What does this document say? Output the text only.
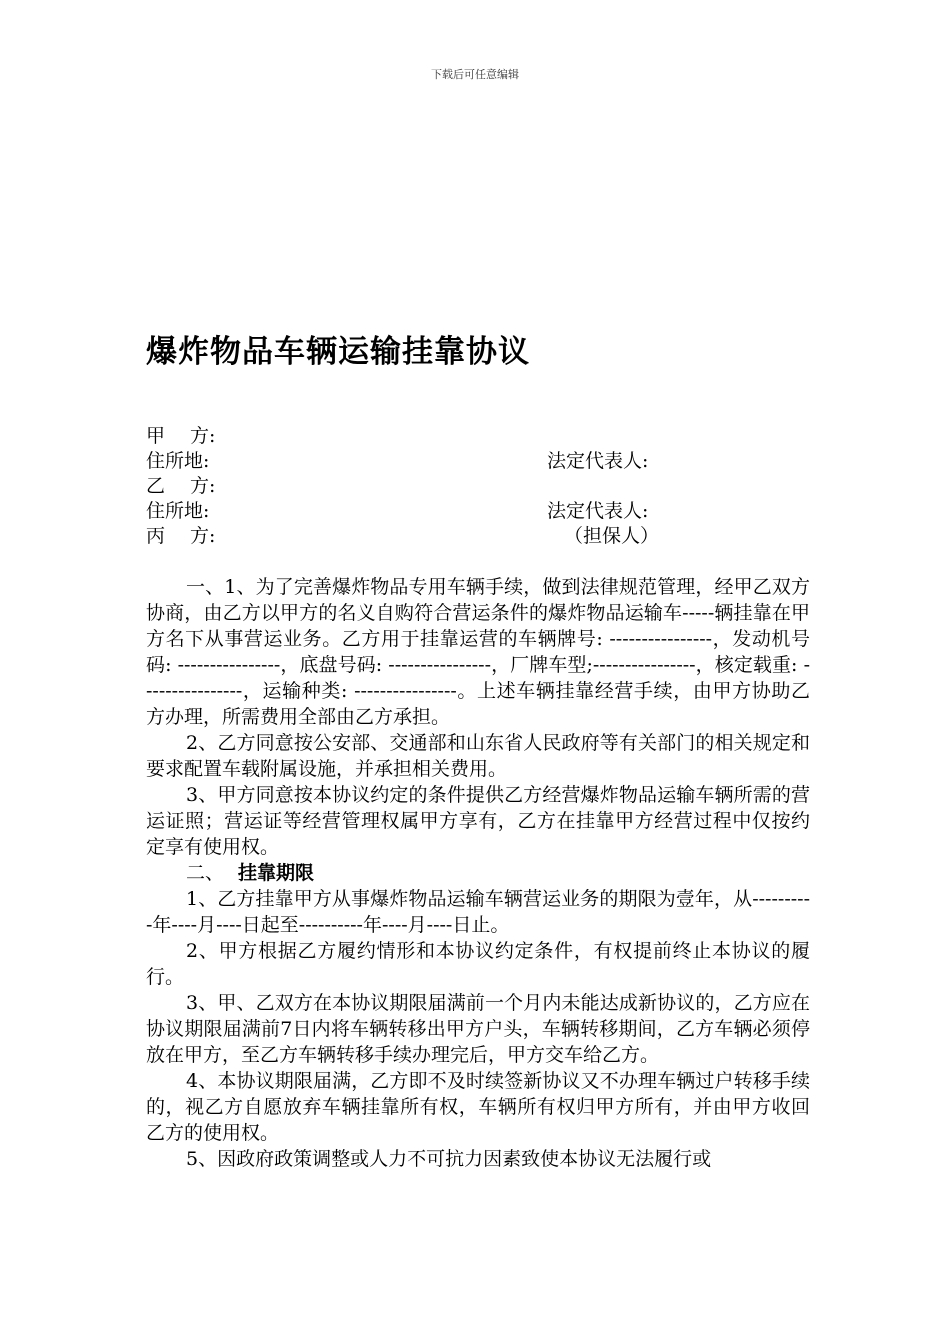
下载后可任意编辑
爆炸物品车辆运输挂靠协议
甲　 方:
住所地:	法定代表人:
乙　 方:
住所地:	法定代表人:
丙　 方:	（担保人）

一、1、为了完善爆炸物品专用车辆手续，做到法律规范管理，经甲乙双方协商，由乙方以甲方的名义自购符合营运条件的爆炸物品运输车-----辆挂靠在甲方名下从事营运业务。乙方用于挂靠运营的车辆牌号: ----------------，发动机号码: ----------------，底盘号码: ----------------，厂牌车型;----------------，核定载重: ----------------，运输种类: ----------------。上述车辆挂靠经营手续，由甲方协助乙方办理，所需费用全部由乙方承担。

2、乙方同意按公安部、交通部和山东省人民政府等有关部门的相关规定和要求配置车载附属设施，并承担相关费用。

3、甲方同意按本协议约定的条件提供乙方经营爆炸物品运输车辆所需的营运证照；营运证等经营管理权属甲方享有，乙方在挂靠甲方经营过程中仅按约定享有使用权。

二、 挂靠期限

1、乙方挂靠甲方从事爆炸物品运输车辆营运业务的期限为壹年，从----------年----月----日起至----------年----月----日止。

2、甲方根据乙方履约情形和本协议约定条件，有权提前终止本协议的履行。

3、甲、乙双方在本协议期限届满前一个月内未能达成新协议的，乙方应在协议期限届满前7日内将车辆转移出甲方户头，车辆转移期间，乙方车辆必须停放在甲方，至乙方车辆转移手续办理完后，甲方交车给乙方。

4、本协议期限届满，乙方即不及时续签新协议又不办理车辆过户转移手续的，视乙方自愿放弃车辆挂靠所有权，车辆所有权归甲方所有，并由甲方收回乙方的使用权。

5、因政府政策调整或人力不可抗力因素致使本协议无法履行或
